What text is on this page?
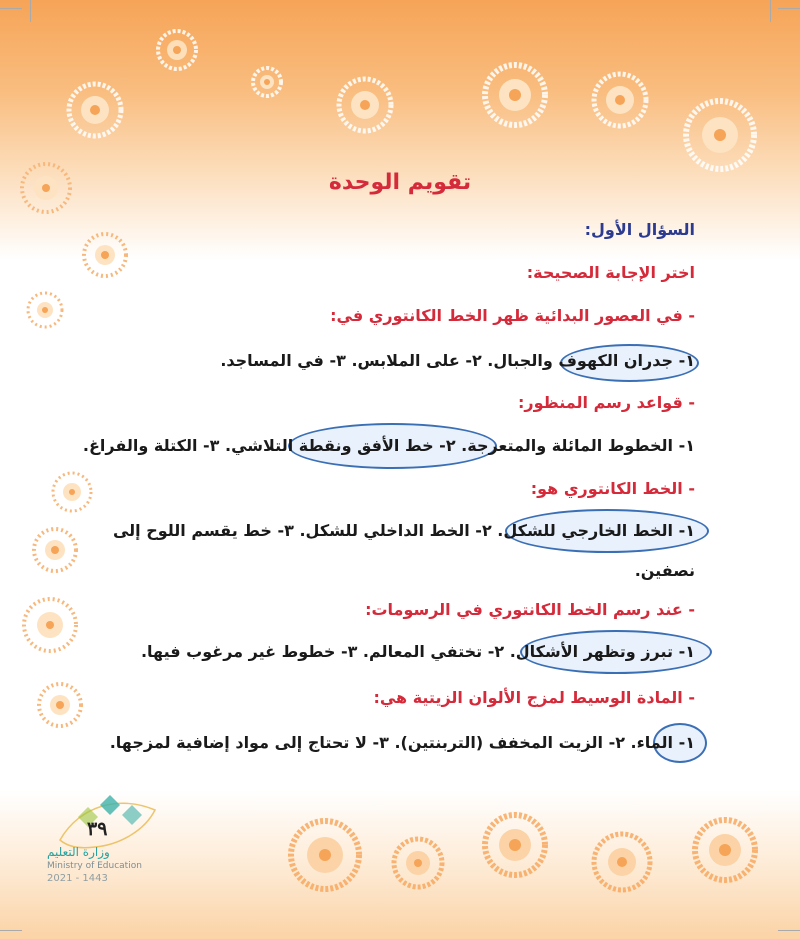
تقويم الوحدة
السؤال الأول:
اختر الإجابة الصحيحة:
- في العصور البدائية ظهر الخط الكانتوري في:
١- جدران الكهوف والجبال. ٢- على الملابس. ٣- في المساجد.
- قواعد رسم المنظور:
١- الخطوط المائلة والمتعرجة. ٢- خط الأفق ونقطة التلاشي. ٣- الكتلة والفراغ.
- الخط الكانتوري هو:
١- الخط الخارجي للشكل. ٢- الخط الداخلي للشكل. ٣- خط يقسم اللوح إلى
نصفين.
- عند رسم الخط الكانتوري في الرسومات:
١- تبرز وتظهر الأشكال. ٢- تختفي المعالم. ٣- خطوط غير مرغوب فيها.
- المادة الوسيط لمزج الألوان الزيتية هي:
١- الماء. ٢- الزيت المخفف (التربنتين). ٣- لا تحتاج إلى مواد إضافية لمزجها.
٣٩
وزارة التعليم
Ministry of Education
2021 - 1443
